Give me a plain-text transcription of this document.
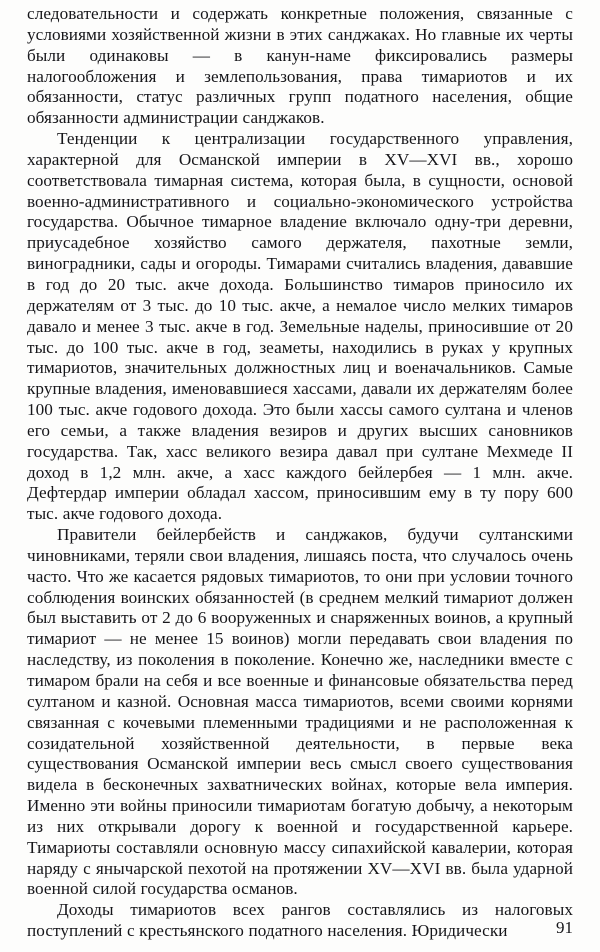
следовательности и содержать конкретные положения, связанные с условиями хозяйственной жизни в этих санджаках. Но главные их черты были одинаковы — в канун-наме фиксировались размеры налогообложения и землепользования, права тимариотов и их обязанности, статус различных групп податного населения, общие обязанности администрации санджаков.

Тенденции к централизации государственного управления, характерной для Османской империи в XV—XVI вв., хорошо соответствовала тимарная система, которая была, в сущности, основой военно-административного и социально-экономического устройства государства. Обычное тимарное владение включало одну-три деревни, приусадебное хозяйство самого держателя, пахотные земли, виноградники, сады и огороды. Тимарами считались владения, дававшие в год до 20 тыс. акче дохода. Большинство тимаров приносило их держателям от 3 тыс. до 10 тыс. акче, а немалое число мелких тимаров давало и менее 3 тыс. акче в год. Земельные наделы, приносившие от 20 тыс. до 100 тыс. акче в год, зеаметы, находились в руках у крупных тимариотов, значительных должностных лиц и военачальников. Самые крупные владения, именовавшиеся хассами, давали их держателям более 100 тыс. акче годового дохода. Это были хассы самого султана и членов его семьи, а также владения везиров и других высших сановников государства. Так, хасс великого везира давал при султане Мехмеде II доход в 1,2 млн. акче, а хасс каждого бейлербея — 1 млн. акче. Дефтердар империи обладал хассом, приносившим ему в ту пору 600 тыс. акче годового дохода.

Правители бейлербейств и санджаков, будучи султанскими чиновниками, теряли свои владения, лишаясь поста, что случалось очень часто. Что же касается рядовых тимариотов, то они при условии точного соблюдения воинских обязанностей (в среднем мелкий тимариот должен был выставить от 2 до 6 вооруженных и снаряженных воинов, а крупный тимариот — не менее 15 воинов) могли передавать свои владения по наследству, из поколения в поколение. Конечно же, наследники вместе с тимаром брали на себя и все военные и финансовые обязательства перед султаном и казной. Основная масса тимариотов, всеми своими корнями связанная с кочевыми племенными традициями и не расположенная к созидательной хозяйственной деятельности, в первые века существования Османской империи весь смысл своего существования видела в бесконечных захватнических войнах, которые вела империя. Именно эти войны приносили тимариотам богатую добычу, а некоторым из них открывали дорогу к военной и государственной карьере. Тимариоты составляли основную массу сипахийской кавалерии, которая наряду с янычарской пехотой на протяжении XV—XVI вв. была ударной военной силой государства османов.

Доходы тимариотов всех рангов составлялись из налоговых поступлений с крестьянского податного населения. Юридически	91
